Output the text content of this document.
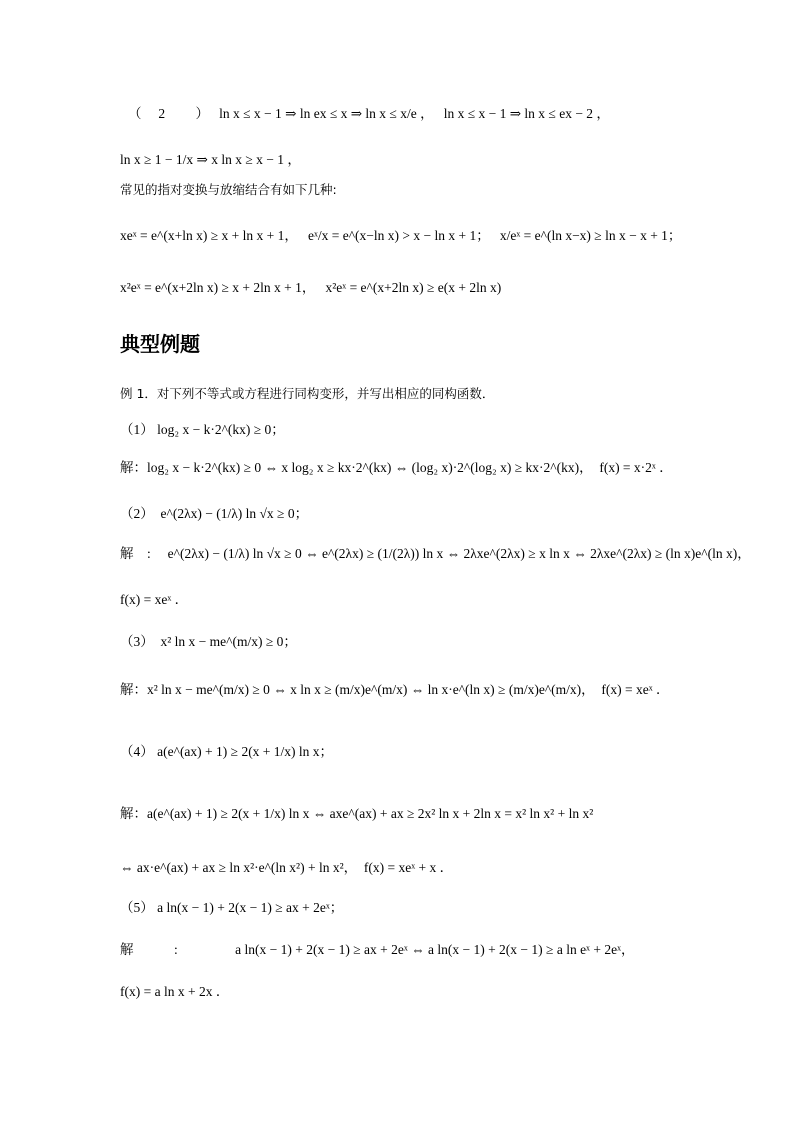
（　 2　 　）　 ln x ≤ x − 1 ⇒ ln ex ≤ x ⇒ ln x ≤ x/e ，　 ln x ≤ x − 1 ⇒ ln x ≤ ex − 2 ，
ln x ≥ 1 − 1/x ⇒ x ln x ≥ x − 1 ，
常见的指对变换与放缩结合有如下几种:
xeˣ = e^(x+ln x) ≥ x + ln x + 1，　 eˣ/x = e^(x−ln x) > x − ln x + 1；　 x/eˣ = e^(ln x−x) ≥ ln x − x + 1；
x²eˣ = e^(x+2ln x) ≥ x + 2ln x + 1，　 x²eˣ = e^(x+2ln x) ≥ e(x + 2ln x)
例 1．对下列不等式或方程进行同构变形，并写出相应的同构函数．
（1） log₂ x − k·2^(kx) ≥ 0；
解：log₂ x − k·2^(kx) ≥ 0 ⇔ x log₂ x ≥ kx·2^(kx) ⇔ (log₂ x)·2^(log₂ x) ≥ kx·2^(kx)，　f(x) = x·2ˣ ．
（2）　e^(2λx) − (1/λ) ln √x ≥ 0；
解　:　 e^(2λx) − (1/λ) ln √x ≥ 0 ⇔ e^(2λx) ≥ (1/(2λ)) ln x ⇔ 2λxe^(2λx) ≥ x ln x ⇔ 2λxe^(2λx) ≥ (ln x)e^(ln x)，
f(x) = xeˣ ．
（3）　x² ln x − me^(m/x) ≥ 0；
解：x² ln x − me^(m/x) ≥ 0 ⇔ x ln x ≥ (m/x)e^(m/x) ⇔ ln x·e^(ln x) ≥ (m/x)e^(m/x)，　f(x) = xeˣ ．
（4） a(e^(ax) + 1) ≥ 2(x + 1/x) ln x；
解：a(e^(ax) + 1) ≥ 2(x + 1/x) ln x ⇔ axe^(ax) + ax ≥ 2x² ln x + 2ln x = x² ln x² + ln x²
⇔ ax·e^(ax) + ax ≥ ln x²·e^(ln x²) + ln x²，　f(x) = xeˣ + x ．
（5） a ln(x − 1) + 2(x − 1) ≥ ax + 2eˣ；
解　　　:　　　　 a ln(x − 1) + 2(x − 1) ≥ ax + 2eˣ ⇔ a ln(x − 1) + 2(x − 1) ≥ a ln eˣ + 2eˣ，
f(x) = a ln x + 2x ．
典型例题
